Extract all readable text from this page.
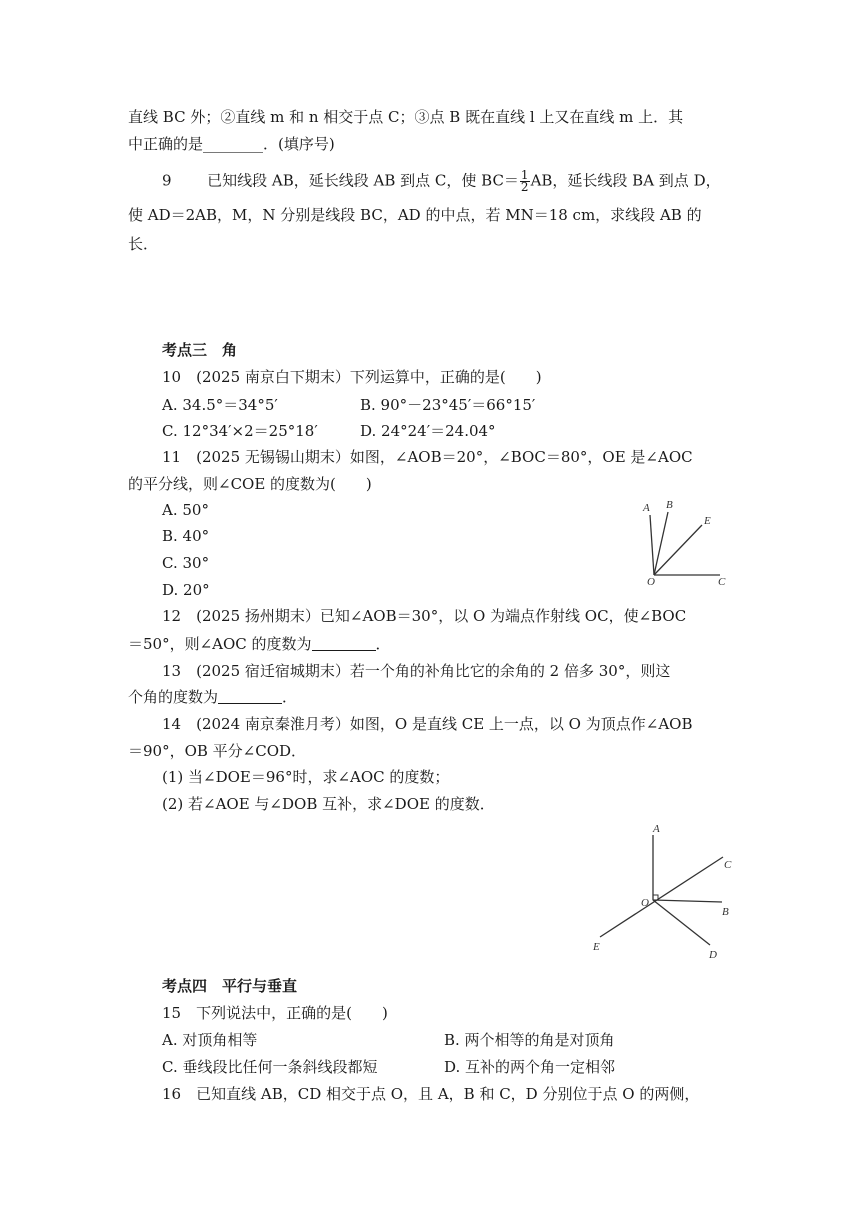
直线 BC 外；②直线 m 和 n 相交于点 C；③点 B 既在直线 l 上又在直线 m 上．其
中正确的是________．(填序号)
9 已知线段 AB，延长线段 AB 到点 C，使 $BC= \frac{1}{2}$ AB，延长线段 BA 到点 D，
使 AD＝2AB，M，N 分别是线段 BC，AD 的中点，若 MN＝18 cm，求线段 AB 的
长．
考点三　角
10　(2025 南京白下期末）下列运算中，正确的是(　　)
A. 34.5°＝34°5′	B. 90°－23°45′＝66°15′
C. 12°34′×2＝25°18′	D. 24°24′＝24.04°
11　(2025 无锡锡山期末）如图，∠AOB＝20°，∠BOC＝80°，OE 是∠AOC
的平分线，则∠COE 的度数为(　　)
A. 50°
B. 40°
C. 30°
D. 20°
A B
E
O	C
12　(2025 扬州期末）已知∠AOB＝30°，以 O 为端点作射线 OC，使∠BOC
＝50°，则∠AOC 的度数为	．
13　(2025 宿迁宿城期末）若一个角的补角比它的余角的 2 倍多 30°，则这
个角的度数为	．
14　(2024 南京秦淮月考）如图，O 是直线 CE 上一点，以 O 为顶点作∠AOB
＝90°，OB 平分∠COD．
(1) 当∠DOE＝96°时，求∠AOC 的度数；
(2) 若∠AOE 与∠DOB 互补，求∠DOE 的度数．
A
C
O
B
E
D
考点四　平行与垂直
15　下列说法中，正确的是(　　)
A. 对顶角相等	B. 两个相等的角是对顶角
C. 垂线段比任何一条斜线段都短	D. 互补的两个角一定相邻
16　已知直线 AB，CD 相交于点 O，且 A，B 和 C，D 分别位于点 O 的两侧，
